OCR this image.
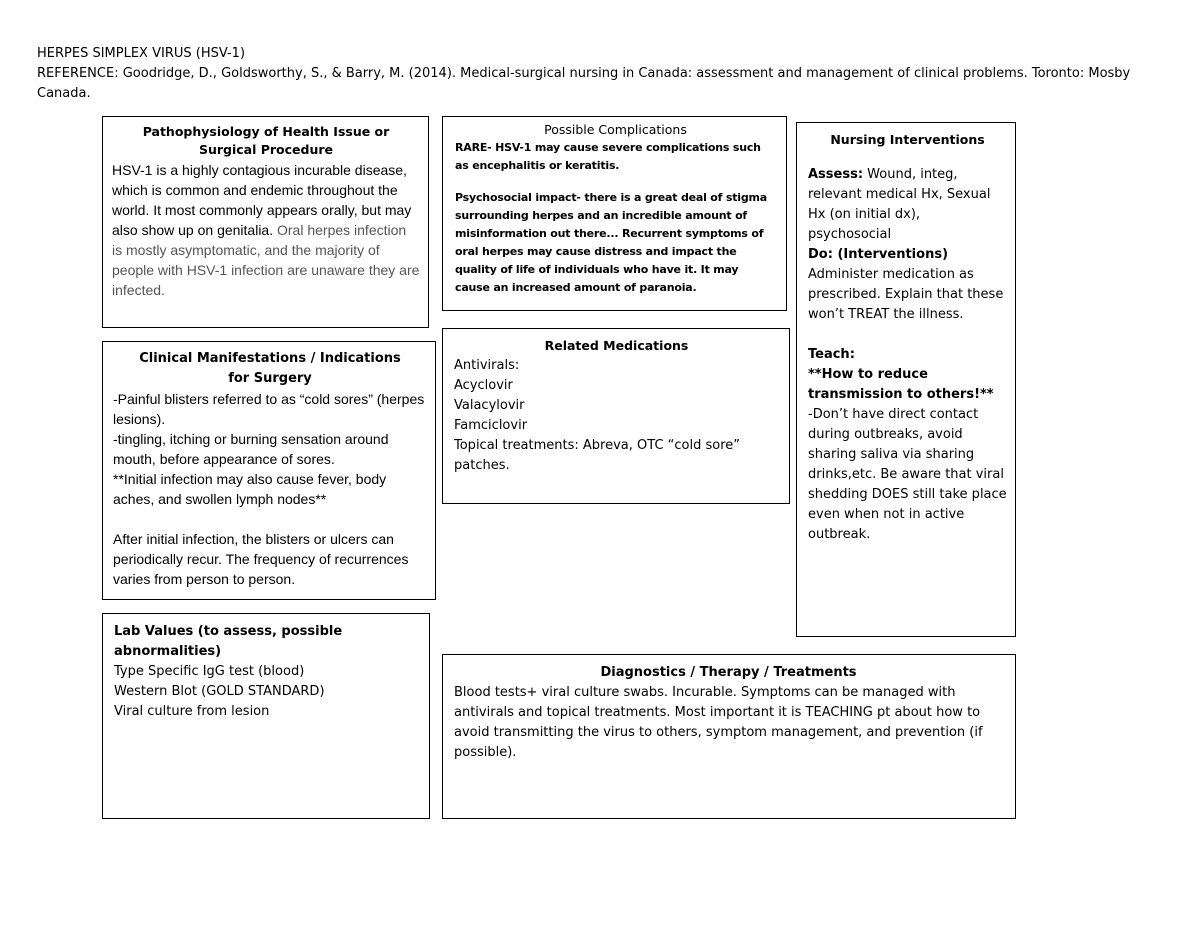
HERPES SIMPLEX VIRUS (HSV-1)
REFERENCE: Goodridge, D., Goldsworthy, S., & Barry, M. (2014). Medical-surgical nursing in Canada: assessment and management of clinical problems. Toronto: Mosby Canada.
Pathophysiology of Health Issue or Surgical Procedure
HSV-1 is a highly contagious incurable disease, which is common and endemic throughout the world. It most commonly appears orally, but may also show up on genitalia. Oral herpes infection is mostly asymptomatic, and the majority of people with HSV-1 infection are unaware they are infected.
Possible Complications
RARE- HSV-1 may cause severe complications such as encephalitis or keratitis.
Psychosocial impact- there is a great deal of stigma surrounding herpes and an incredible amount of misinformation out there... Recurrent symptoms of oral herpes may cause distress and impact the quality of life of individuals who have it. It may cause an increased amount of paranoia.
Nursing Interventions
Assess: Wound, integ, relevant medical Hx, Sexual Hx (on initial dx), psychosocial
Do: (Interventions)
Administer medication as prescribed. Explain that these won’t TREAT the illness.
Teach:
**How to reduce transmission to others!**
-Don’t have direct contact during outbreaks, avoid sharing saliva via sharing drinks,etc. Be aware that viral shedding DOES still take place even when not in active outbreak.
Clinical Manifestations / Indications for Surgery
-Painful blisters referred to as “cold sores” (herpes lesions).
-tingling, itching or burning sensation around mouth, before appearance of sores.
**Initial infection may also cause fever, body aches, and swollen lymph nodes**
After initial infection, the blisters or ulcers can periodically recur. The frequency of recurrences varies from person to person.
Related Medications
Antivirals:
Acyclovir
Valacylovir
Famciclovir
Topical treatments: Abreva, OTC “cold sore” patches.
Lab Values (to assess, possible abnormalities)
Type Specific IgG test (blood)
Western Blot (GOLD STANDARD)
Viral culture from lesion
Diagnostics / Therapy / Treatments
Blood tests+ viral culture swabs. Incurable. Symptoms can be managed with antivirals and topical treatments. Most important it is TEACHING pt about how to avoid transmitting the virus to others, symptom management, and prevention (if possible).
